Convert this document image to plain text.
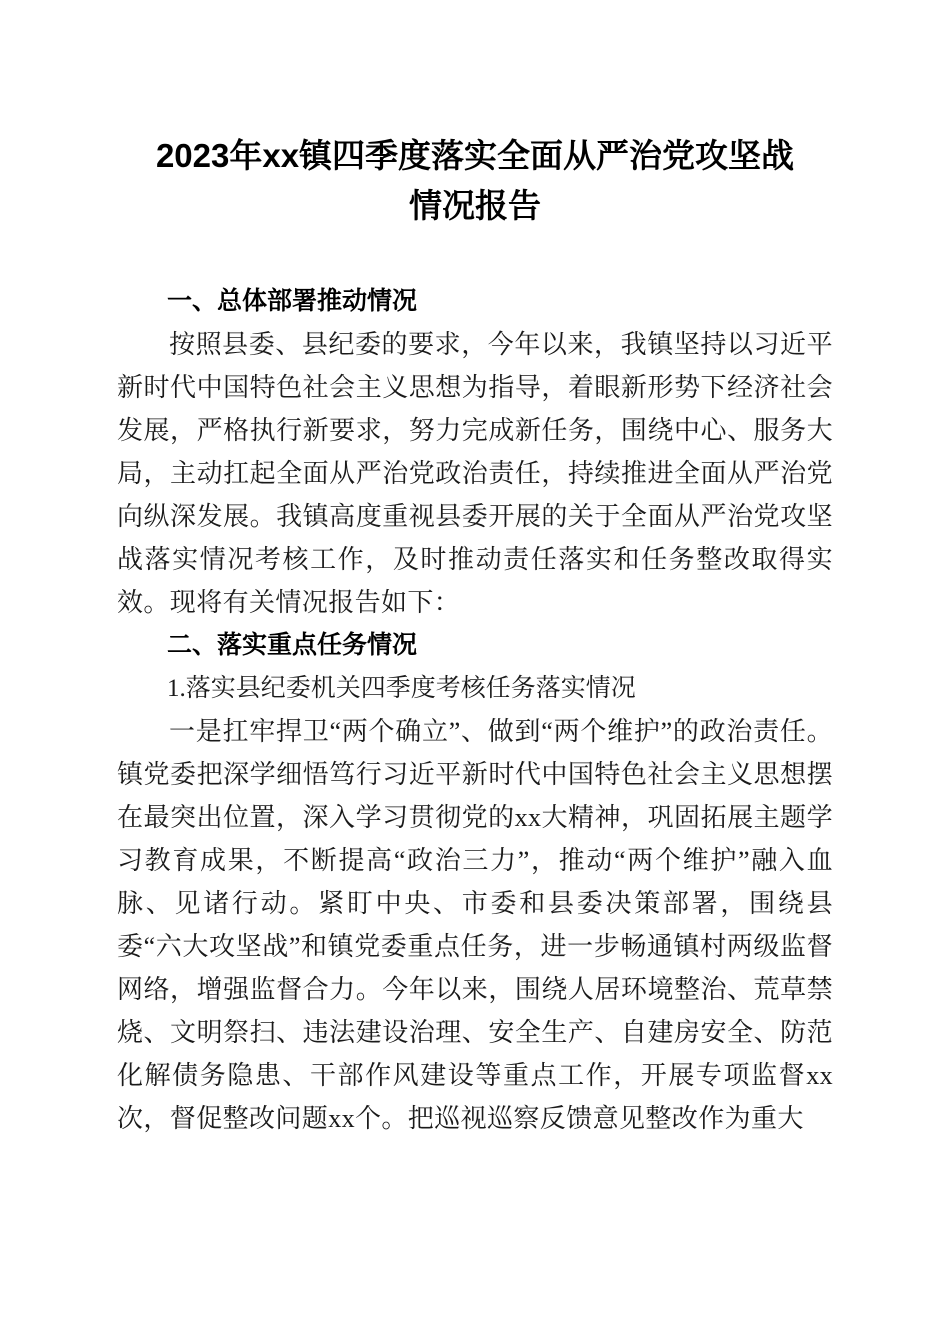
2023年xx镇四季度落实全面从严治党攻坚战
情况报告
一、总体部署推动情况

按照县委、县纪委的要求，今年以来，我镇坚持以习近平新时代中国特色社会主义思想为指导，着眼新形势下经济社会发展，严格执行新要求，努力完成新任务，围绕中心、服务大局，主动扛起全面从严治党政治责任，持续推进全面从严治党向纵深发展。我镇高度重视县委开展的关于全面从严治党攻坚战落实情况考核工作，及时推动责任落实和任务整改取得实效。现将有关情况报告如下：

二、落实重点任务情况

1.落实县纪委机关四季度考核任务落实情况

一是扛牢捍卫“两个确立”、做到“两个维护”的政治责任。镇党委把深学细悟笃行习近平新时代中国特色社会主义思想摆在最突出位置，深入学习贯彻党的xx大精神，巩固拓展主题学习教育成果，不断提高“政治三力”，推动“两个维护”融入血脉、见诸行动。紧盯中央、市委和县委决策部署，围绕县委“六大攻坚战”和镇党委重点任务，进一步畅通镇村两级监督网络，增强监督合力。今年以来，围绕人居环境整治、荒草禁烧、文明祭扫、违法建设治理、安全生产、自建房安全、防范化解债务隐患、干部作风建设等重点工作，开展专项监督xx次，督促整改问题xx个。把巡视巡察反馈意见整改作为重大
